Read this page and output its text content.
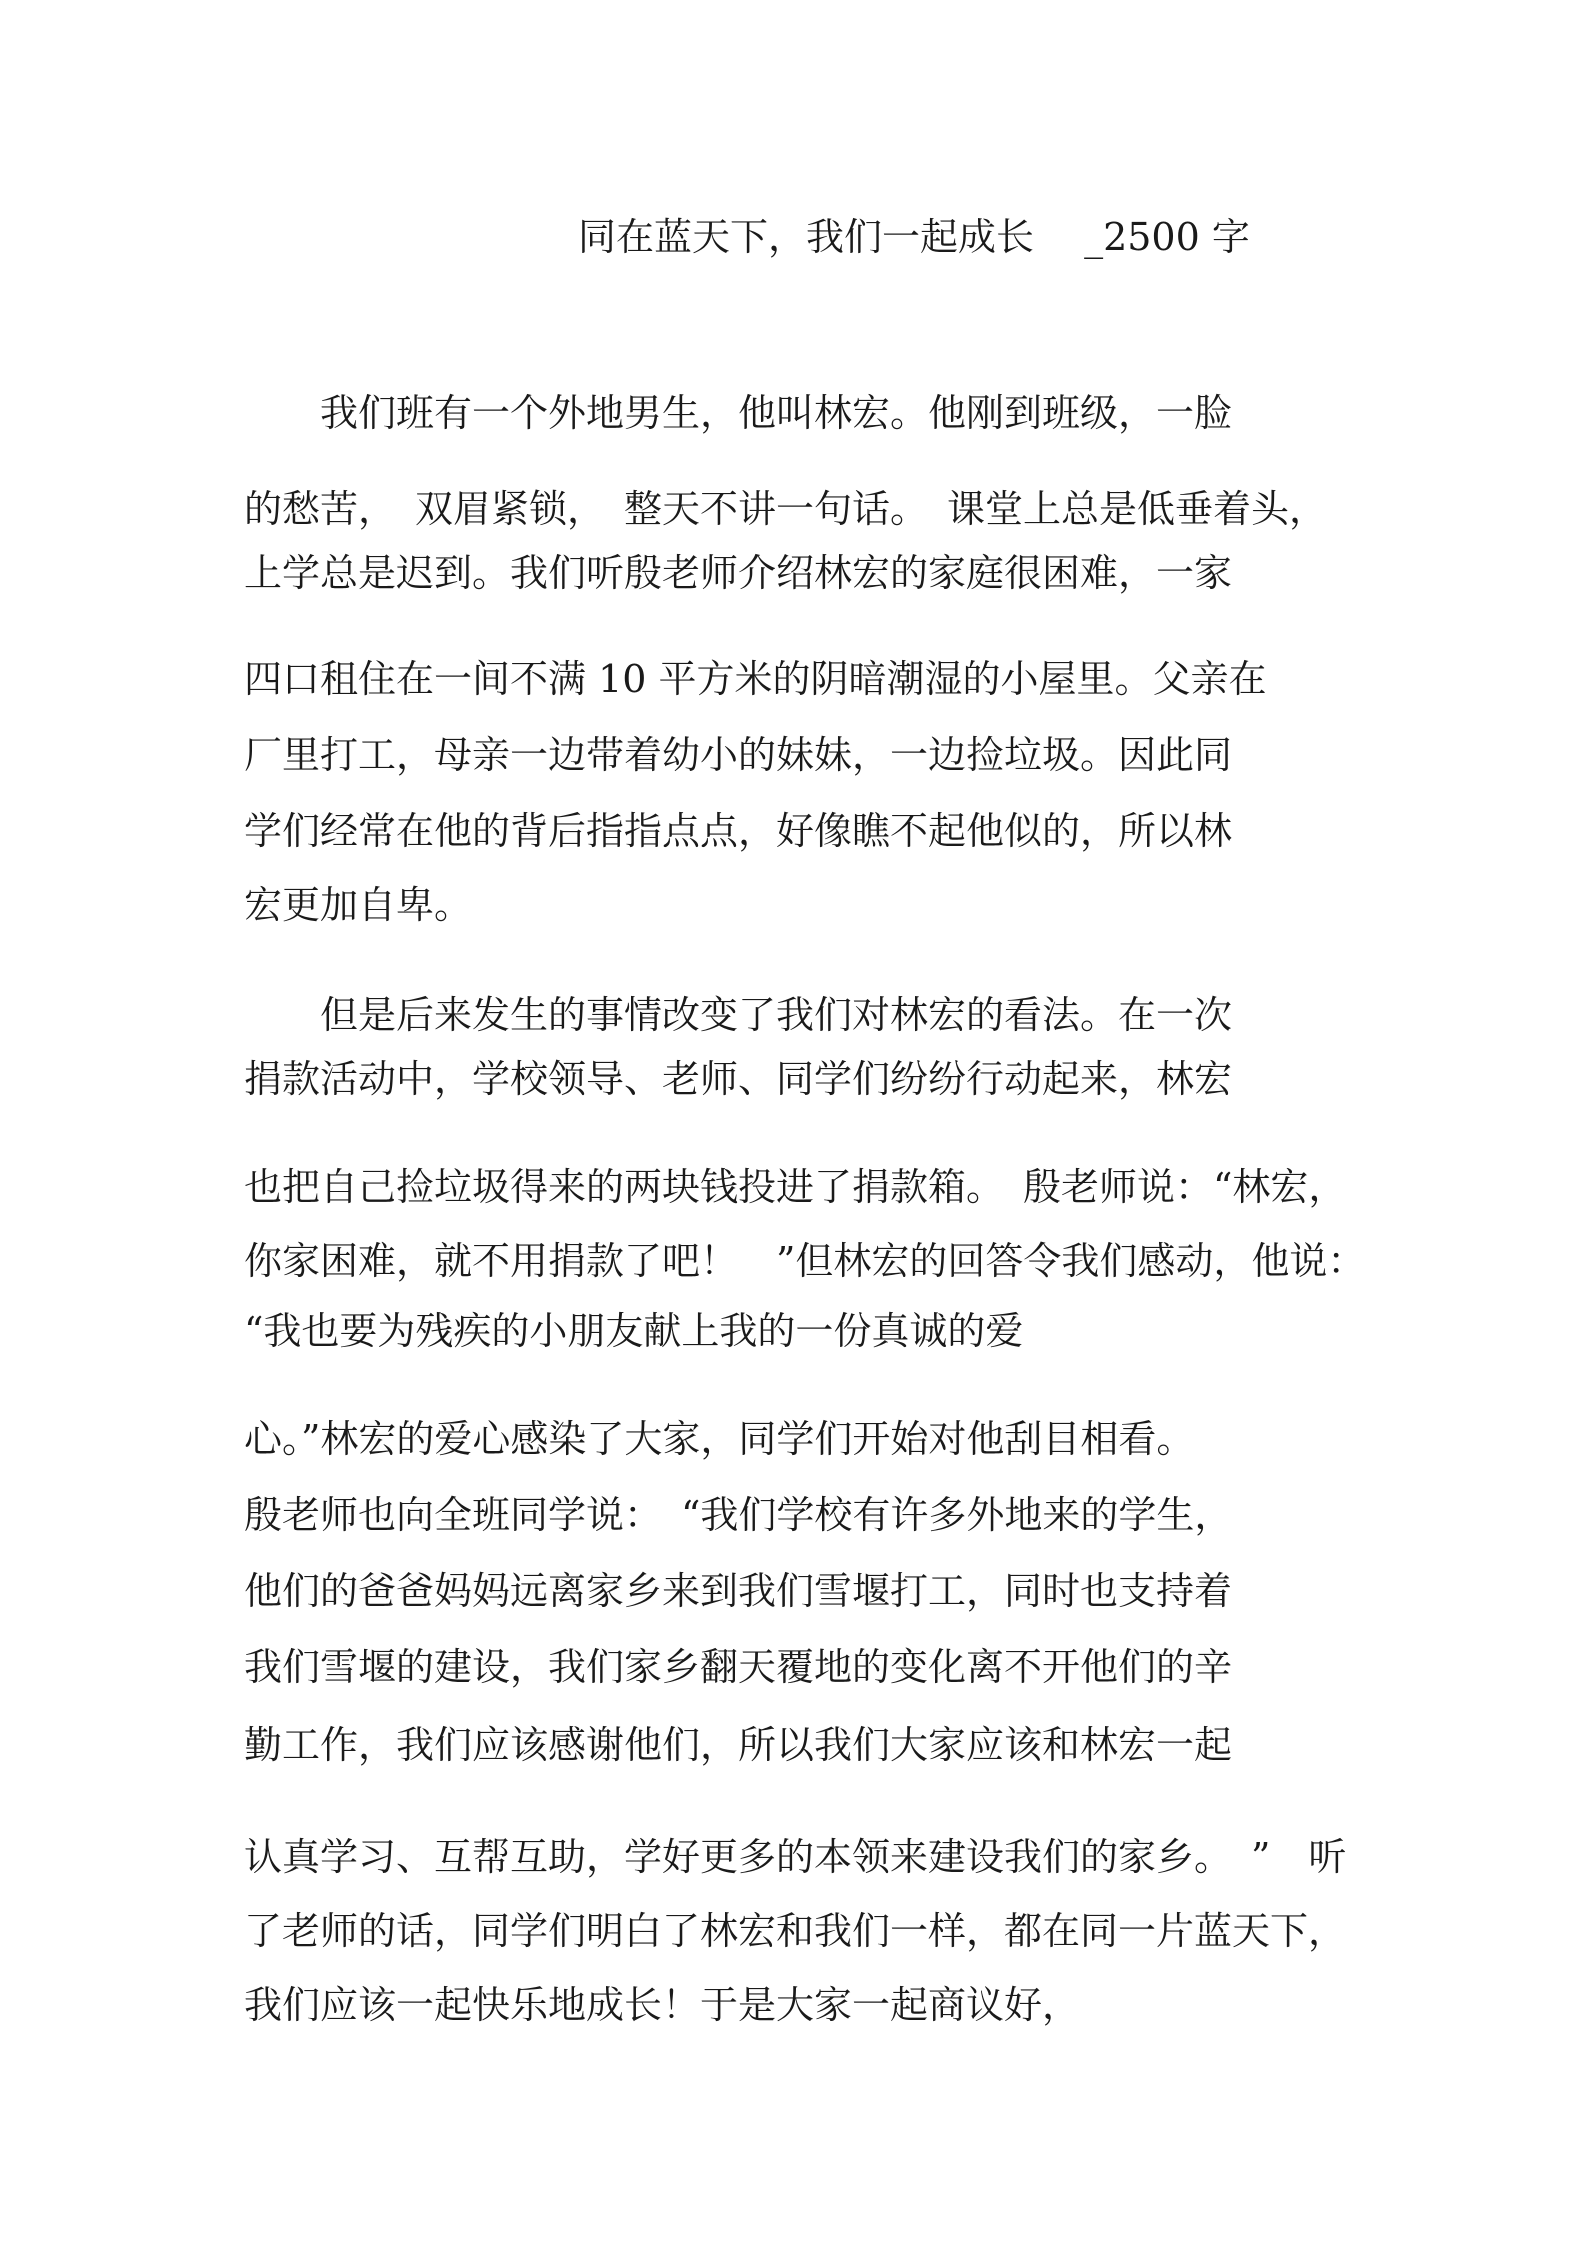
同在蓝天下，我们一起成长　 _2500 字
　　我们班有一个外地男生，他叫林宏。他刚到班级，一脸
的愁苦，　双眉紧锁，　整天不讲一句话。　课堂上总是低垂着头，
上学总是迟到。我们听殷老师介绍林宏的家庭很困难，一家
四口租住在一间不满 10 平方米的阴暗潮湿的小屋里。父亲在
厂里打工，母亲一边带着幼小的妹妹，一边捡垃圾。因此同
学们经常在他的背后指指点点，好像瞧不起他似的，所以林
宏更加自卑。
　　但是后来发生的事情改变了我们对林宏的看法。在一次
捐款活动中，学校领导、老师、同学们纷纷行动起来，林宏
也把自己捡垃圾得来的两块钱投进了捐款箱。　殷老师说：“林宏，
你家困难，就不用捐款了吧！　”但林宏的回答令我们感动，他说：
“我也要为残疾的小朋友献上我的一份真诚的爱
心。”林宏的爱心感染了大家，同学们开始对他刮目相看。
殷老师也向全班同学说：　“我们学校有许多外地来的学生，
他们的爸爸妈妈远离家乡来到我们雪堰打工，同时也支持着
我们雪堰的建设，我们家乡翻天覆地的变化离不开他们的辛
勤工作，我们应该感谢他们，所以我们大家应该和林宏一起
认真学习、互帮互助，学好更多的本领来建设我们的家乡。　”　听
了老师的话，同学们明白了林宏和我们一样，都在同一片蓝天下，
我们应该一起快乐地成长！于是大家一起商议好，
